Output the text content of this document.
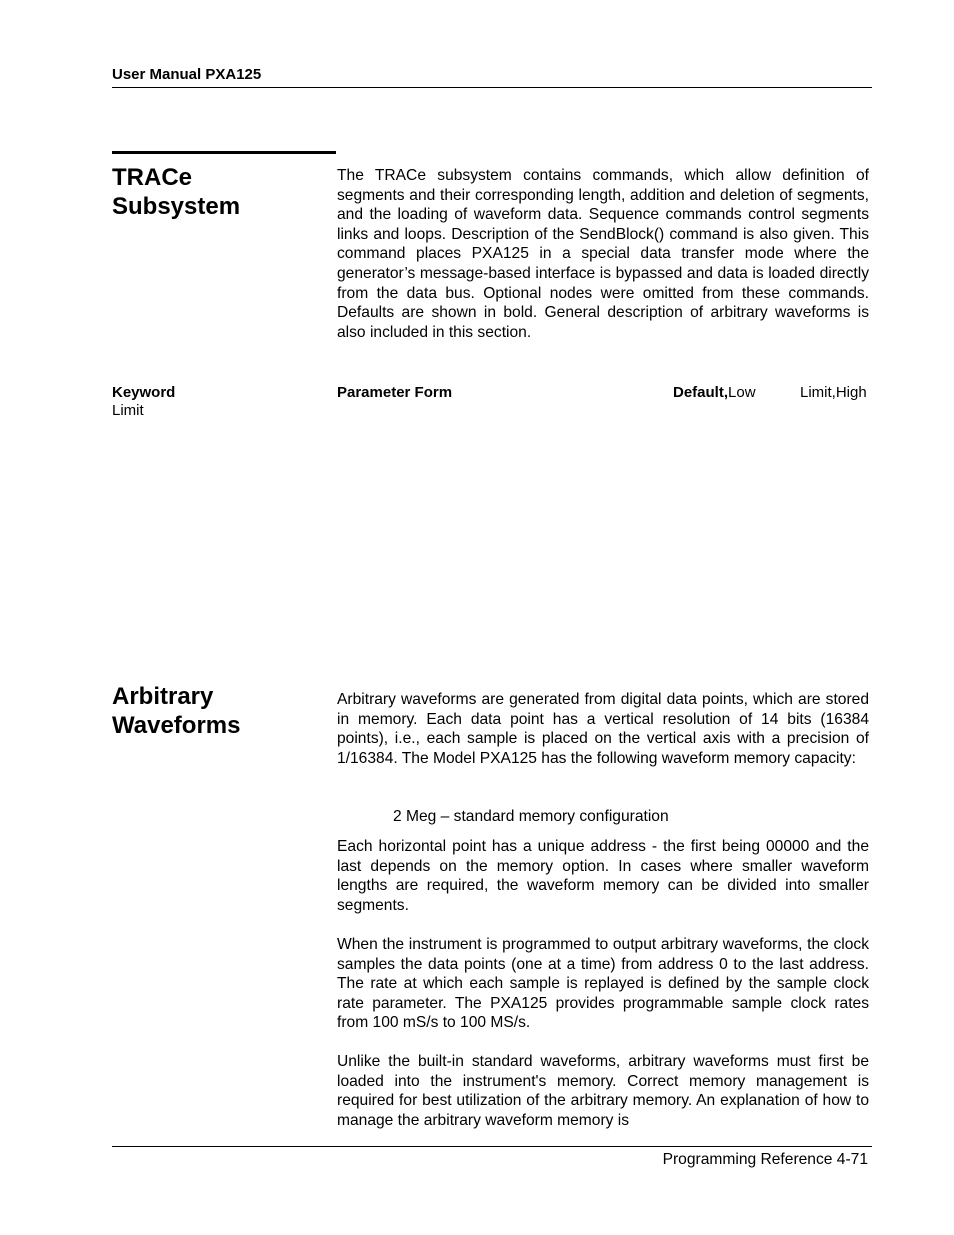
User Manual PXA125
TRACe
Subsystem

The TRACe subsystem contains commands, which allow definition of segments and their corresponding length, addition and deletion of segments, and the loading of waveform data. Sequence commands control segments links and loops. Description of the SendBlock() command is also given. This command places PXA125 in a special data transfer mode where the generator’s message-based interface is bypassed and data is loaded directly from the data bus. Optional nodes were omitted from these commands. Defaults are shown in bold. General description of arbitrary waveforms is also included in this section.

Keyword	Parameter Form	Default,Low	Limit,High
Limit
Arbitrary
Waveforms

Arbitrary waveforms are generated from digital data points, which are stored in memory. Each data point has a vertical resolution of 14 bits (16384 points), i.e., each sample is placed on the vertical axis with a precision of 1/16384. The Model PXA125 has the following waveform memory capacity:

2 Meg – standard memory configuration

Each horizontal point has a unique address - the first being 00000 and the last depends on the memory option. In cases where smaller waveform lengths are required, the waveform memory can be divided into smaller segments.

When the instrument is programmed to output arbitrary waveforms, the clock samples the data points (one at a time) from address 0 to the last address. The rate at which each sample is replayed is defined by the sample clock rate parameter. The PXA125 provides programmable sample clock rates from 100 mS/s to 100 MS/s.

Unlike the built-in standard waveforms, arbitrary waveforms must first be loaded into the instrument's memory. Correct memory management is required for best utilization of the arbitrary memory. An explanation of how to manage the arbitrary waveform memory is

Programming Reference 4-71
